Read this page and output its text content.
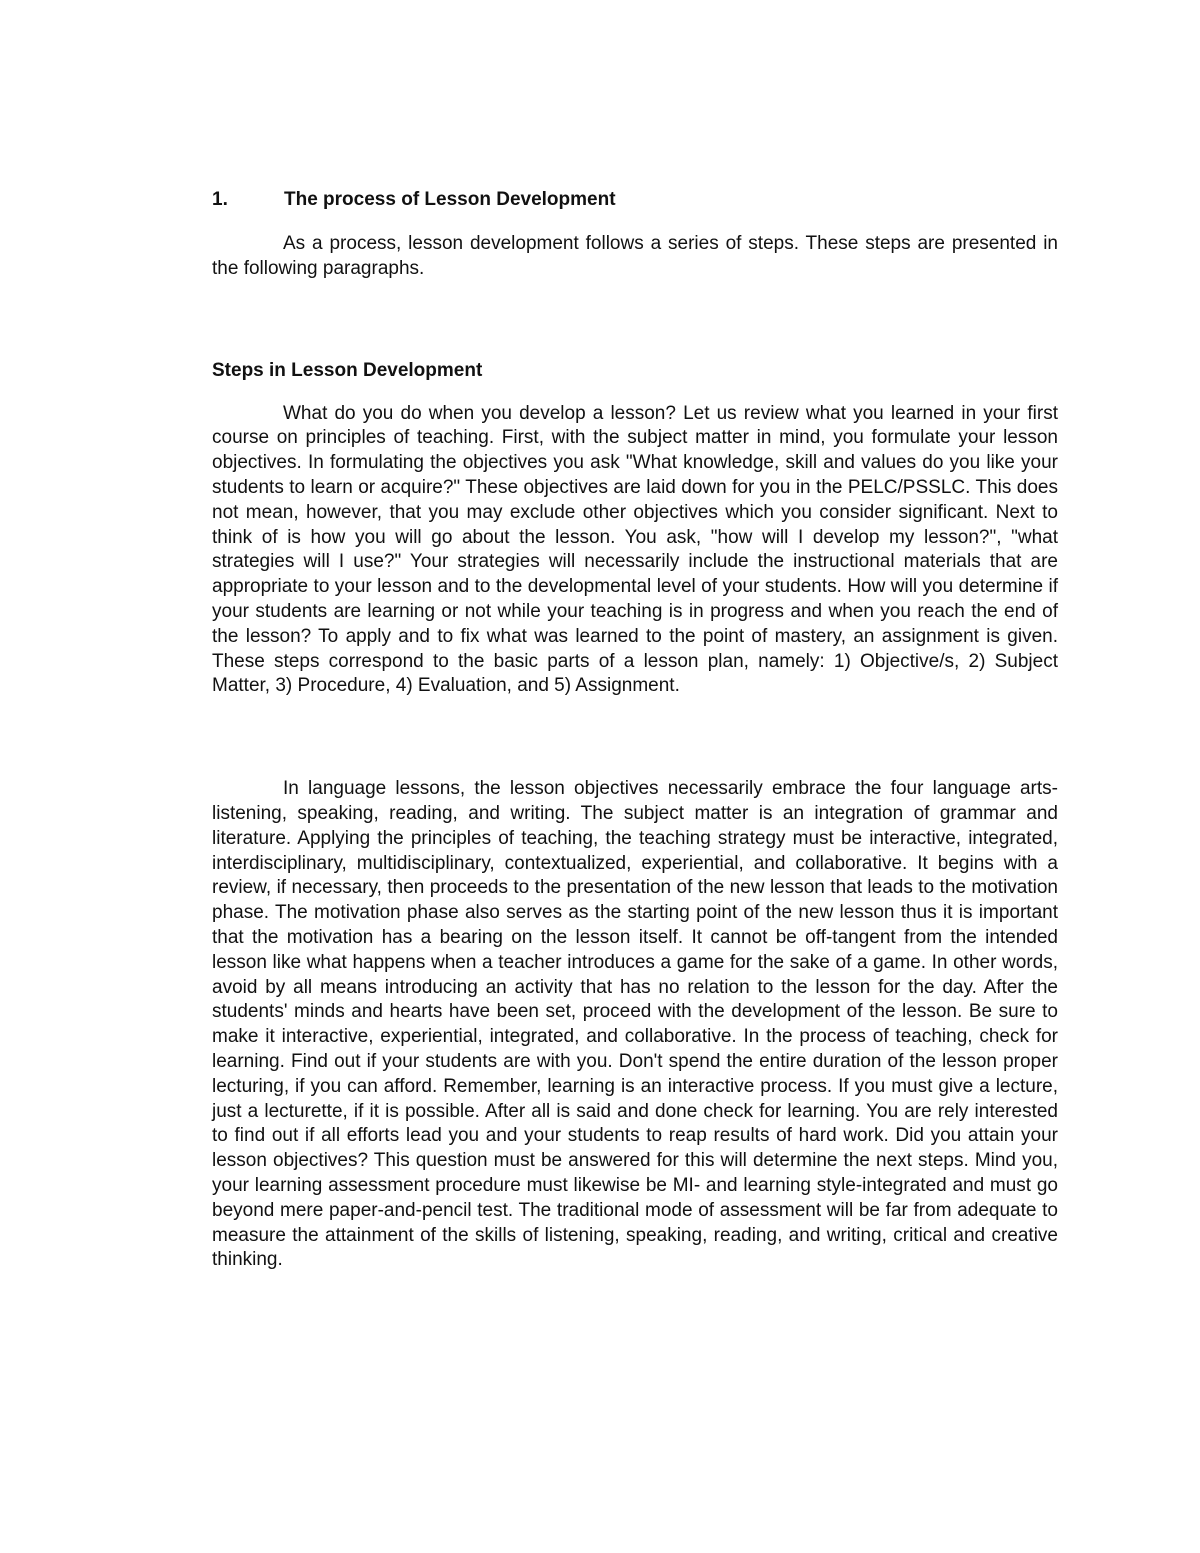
1.	The process of Lesson Development

As a process, lesson development follows a series of steps. These steps are presented in the following paragraphs.

Steps in Lesson Development

What do you do when you develop a lesson? Let us review what you learned in your first course on principles of teaching. First, with the subject matter in mind, you formulate your lesson objectives. In formulating the objectives you ask "What knowledge, skill and values do you like your students to learn or acquire?" These objectives are laid down for you in the PELC/PSSLC. This does not mean, however, that you may exclude other objectives which you consider significant. Next to think of is how you will go about the lesson. You ask, "how will I develop my lesson?", "what strategies will I use?" Your strategies will necessarily include the instructional materials that are appropriate to your lesson and to the developmental level of your students. How will you determine if your students are learning or not while your teaching is in progress and when you reach the end of the lesson? To apply and to fix what was learned to the point of mastery, an assignment is given. These steps correspond to the basic parts of a lesson plan, namely: 1) Objective/s, 2) Subject Matter, 3) Procedure, 4) Evaluation, and 5) Assignment.

In language lessons, the lesson objectives necessarily embrace the four language arts- listening, speaking, reading, and writing. The subject matter is an integration of grammar and literature. Applying the principles of teaching, the teaching strategy must be interactive, integrated, interdisciplinary, multidisciplinary, contextualized, experiential, and collaborative. It begins with a review, if necessary, then proceeds to the presentation of the new lesson that leads to the motivation phase. The motivation phase also serves as the starting point of the new lesson thus it is important that the motivation has a bearing on the lesson itself. It cannot be off-tangent from the intended lesson like what happens when a teacher introduces a game for the sake of a game. In other words, avoid by all means introducing an activity that has no relation to the lesson for the day. After the students' minds and hearts have been set, proceed with the development of the lesson. Be sure to make it interactive, experiential, integrated, and collaborative. In the process of teaching, check for learning. Find out if your students are with you. Don't spend the entire duration of the lesson proper lecturing, if you can afford. Remember, learning is an interactive process. If you must give a lecture, just a lecturette, if it is possible. After all is said and done check for learning. You are rely interested to find out if all efforts lead you and your students to reap results of hard work. Did you attain your lesson objectives? This question must be answered for this will determine the next steps. Mind you, your learning assessment procedure must likewise be MI- and learning style-integrated and must go beyond mere paper-and-pencil test. The traditional mode of assessment will be far from adequate to measure the attainment of the skills of listening, speaking, reading, and writing, critical and creative thinking.
